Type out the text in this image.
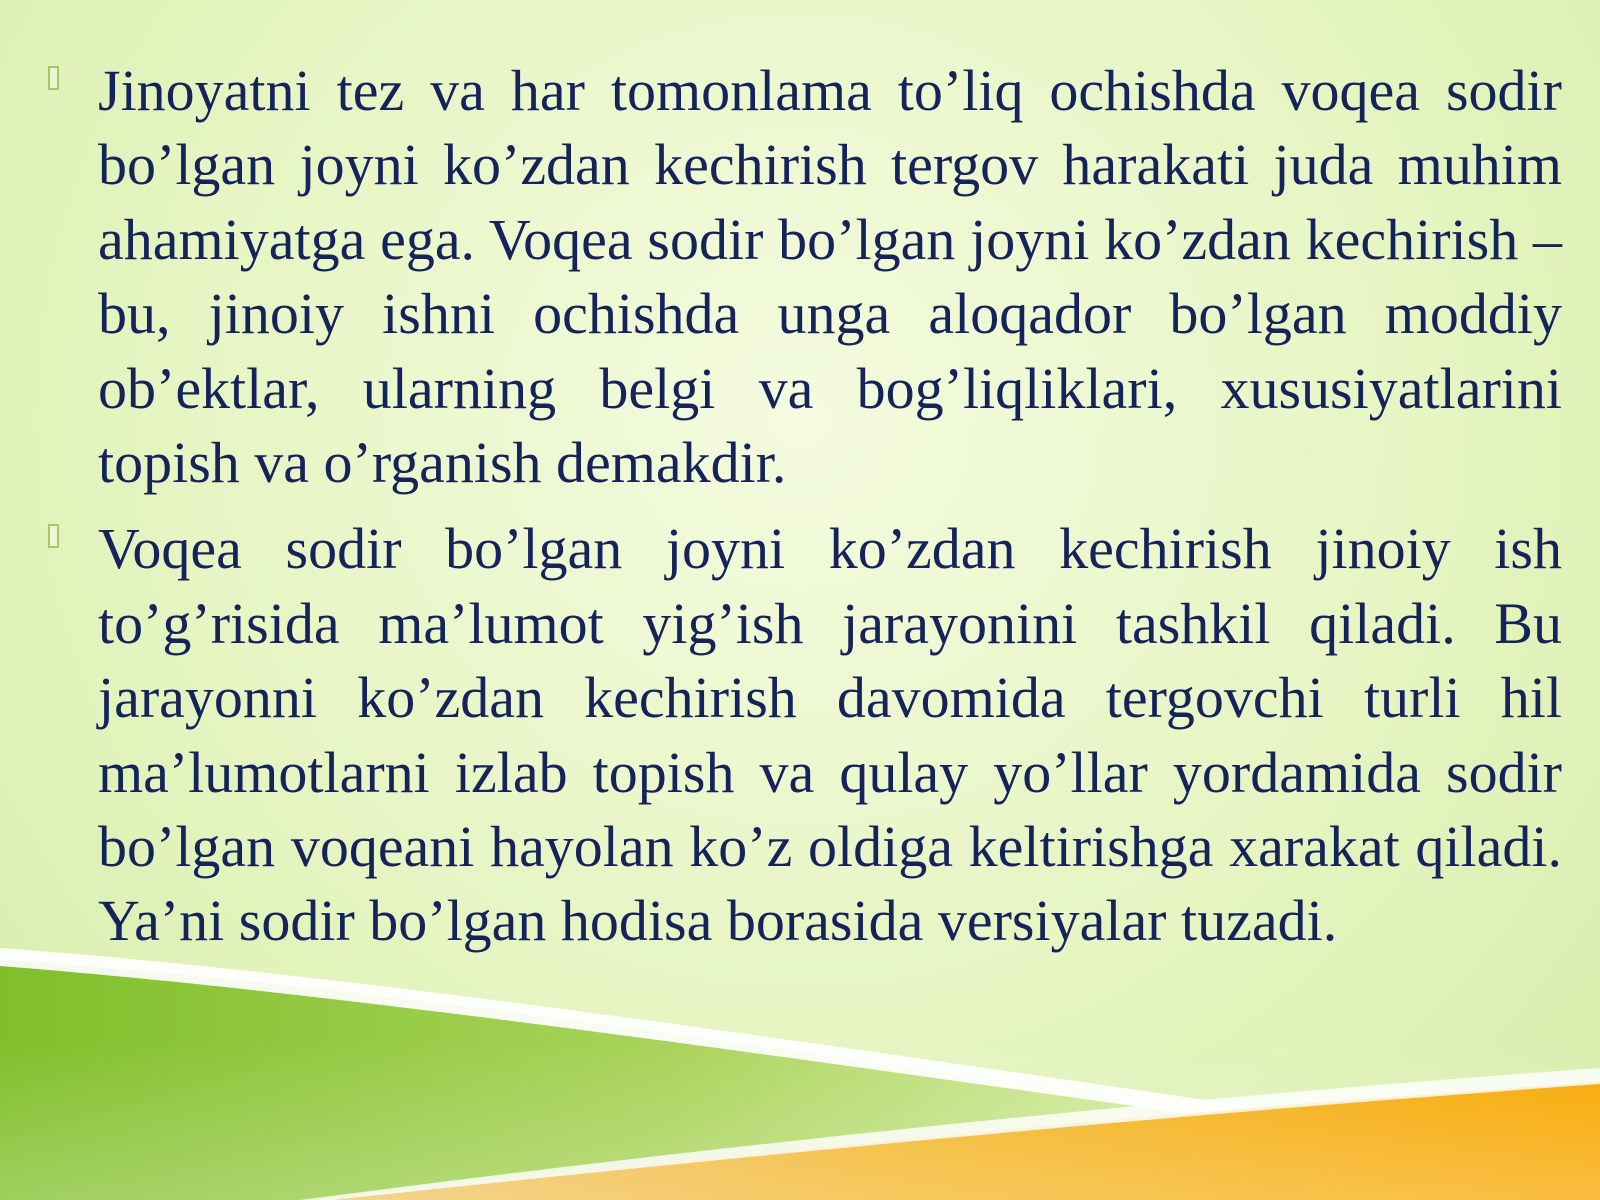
Jinoyatni tez va har tomonlama to’liq ochishda voqea sodir bo’lgan joyni ko’zdan kechirish tergov harakati juda muhim ahamiyatga ega. Voqea sodir bo’lgan joyni ko’zdan kechirish – bu, jinoiy ishni ochishda unga aloqador bo’lgan moddiy ob’ektlar, ularning belgi va bog’liqliklari, xususiyatlarini topish va o’rganish demakdir.

Voqea sodir bo’lgan joyni ko’zdan kechirish jinoiy ish to’g’risida ma’lumot yig’ish jarayonini tashkil qiladi. Bu jarayonni ko’zdan kechirish davomida tergovchi turli hil ma’lumotlarni izlab topish va qulay yo’llar yordamida sodir bo’lgan voqeani hayolan ko’z oldiga keltirishga xarakat qiladi. Ya’ni sodir bo’lgan hodisa borasida versiyalar tuzadi.
